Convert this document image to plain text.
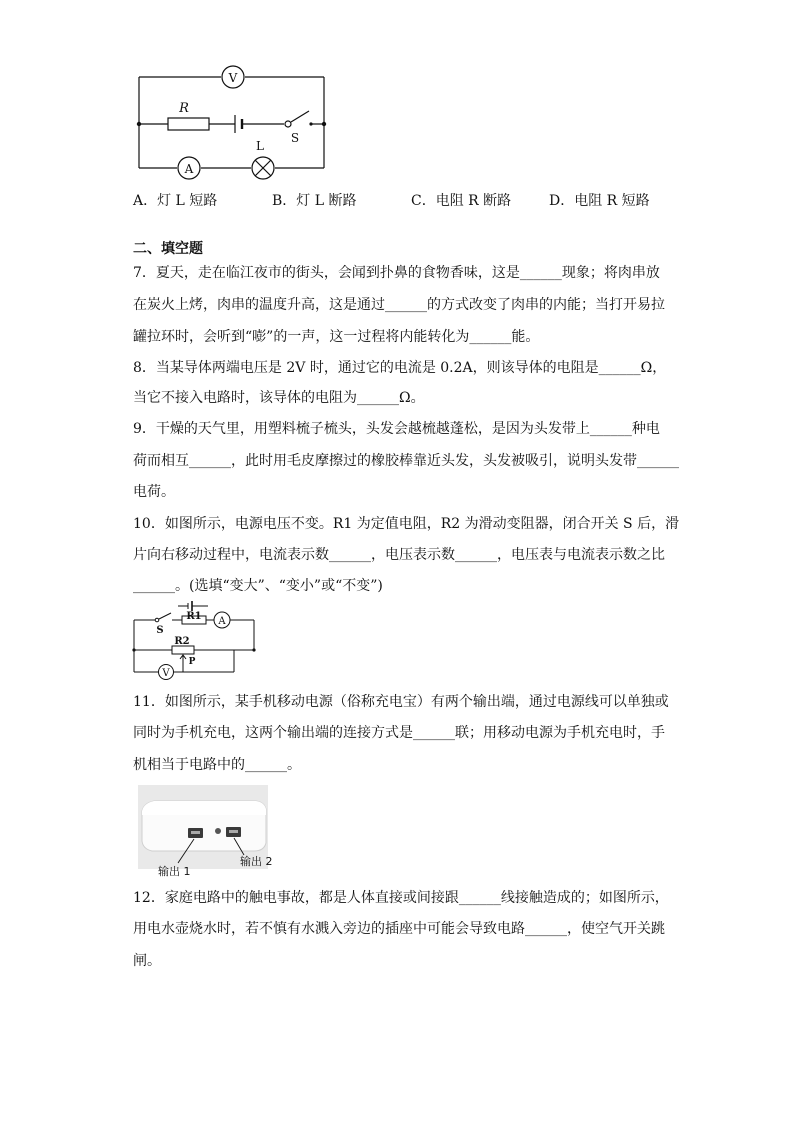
V
R
S
L
A
A．灯 L 短路	B．灯 L 断路	C．电阻 R 断路	D．电阻 R 短路
二、填空题
7．夏天，走在临江夜市的街头，会闻到扑鼻的食物香味，这是______现象；将肉串放
在炭火上烤，肉串的温度升高，这是通过______的方式改变了肉串的内能；当打开易拉
罐拉环时，会听到“嘭”的一声，这一过程将内能转化为______能。
8．当某导体两端电压是 2V 时，通过它的电流是 0.2A，则该导体的电阻是______Ω，
当它不接入电路时，该导体的电阻为______Ω。
9．干燥的天气里，用塑料梳子梳头，头发会越梳越蓬松，是因为头发带上______种电
荷而相互______，此时用毛皮摩擦过的橡胶棒靠近头发，头发被吸引，说明头发带______
电荷。
10．如图所示，电源电压不变。R1 为定值电阻，R2 为滑动变阻器，闭合开关 S 后，滑
片向右移动过程中，电流表示数______，电压表示数______，电压表与电流表示数之比
______。(选填“变大”、“变小”或“不变”)
R1 A
S
R2
V
P
11．如图所示，某手机移动电源（俗称充电宝）有两个输出端，通过电源线可以单独或
同时为手机充电，这两个输出端的连接方式是______联；用移动电源为手机充电时，手
机相当于电路中的______。
输出 1
输出 2
12．家庭电路中的触电事故，都是人体直接或间接跟______线接触造成的；如图所示，
用电水壶烧水时，若不慎有水溅入旁边的插座中可能会导致电路______，使空气开关跳
闸。
